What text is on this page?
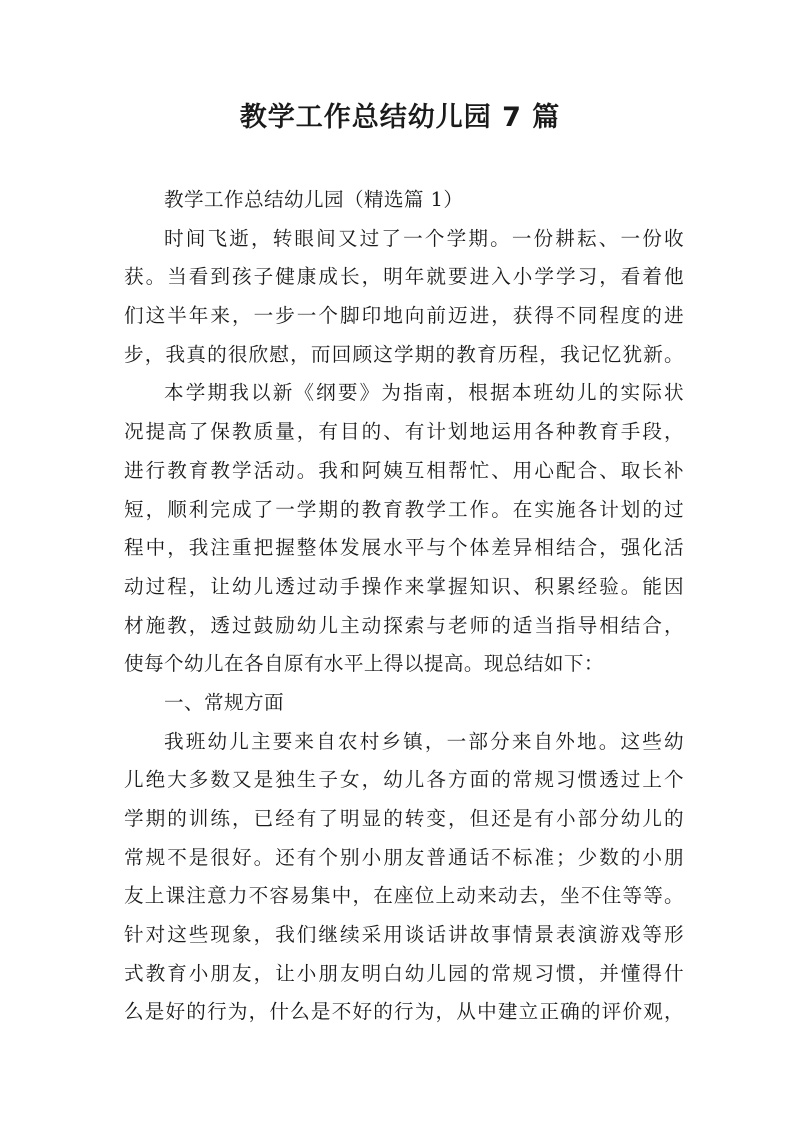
教学工作总结幼儿园 7 篇
教学工作总结幼儿园（精选篇 1）
时间飞逝，转眼间又过了一个学期。一份耕耘、一份收
获。当看到孩子健康成长，明年就要进入小学学习，看着他
们这半年来，一步一个脚印地向前迈进，获得不同程度的进
步，我真的很欣慰，而回顾这学期的教育历程，我记忆犹新。
本学期我以新《纲要》为指南，根据本班幼儿的实际状
况提高了保教质量，有目的、有计划地运用各种教育手段，
进行教育教学活动。我和阿姨互相帮忙、用心配合、取长补
短，顺利完成了一学期的教育教学工作。在实施各计划的过
程中，我注重把握整体发展水平与个体差异相结合，强化活
动过程，让幼儿透过动手操作来掌握知识、积累经验。能因
材施教，透过鼓励幼儿主动探索与老师的适当指导相结合，
使每个幼儿在各自原有水平上得以提高。现总结如下：
一、常规方面
我班幼儿主要来自农村乡镇，一部分来自外地。这些幼
儿绝大多数又是独生子女，幼儿各方面的常规习惯透过上个
学期的训练，已经有了明显的转变，但还是有小部分幼儿的
常规不是很好。还有个别小朋友普通话不标准；少数的小朋
友上课注意力不容易集中，在座位上动来动去，坐不住等等。
针对这些现象，我们继续采用谈话讲故事情景表演游戏等形
式教育小朋友，让小朋友明白幼儿园的常规习惯，并懂得什
么是好的行为，什么是不好的行为，从中建立正确的评价观，
